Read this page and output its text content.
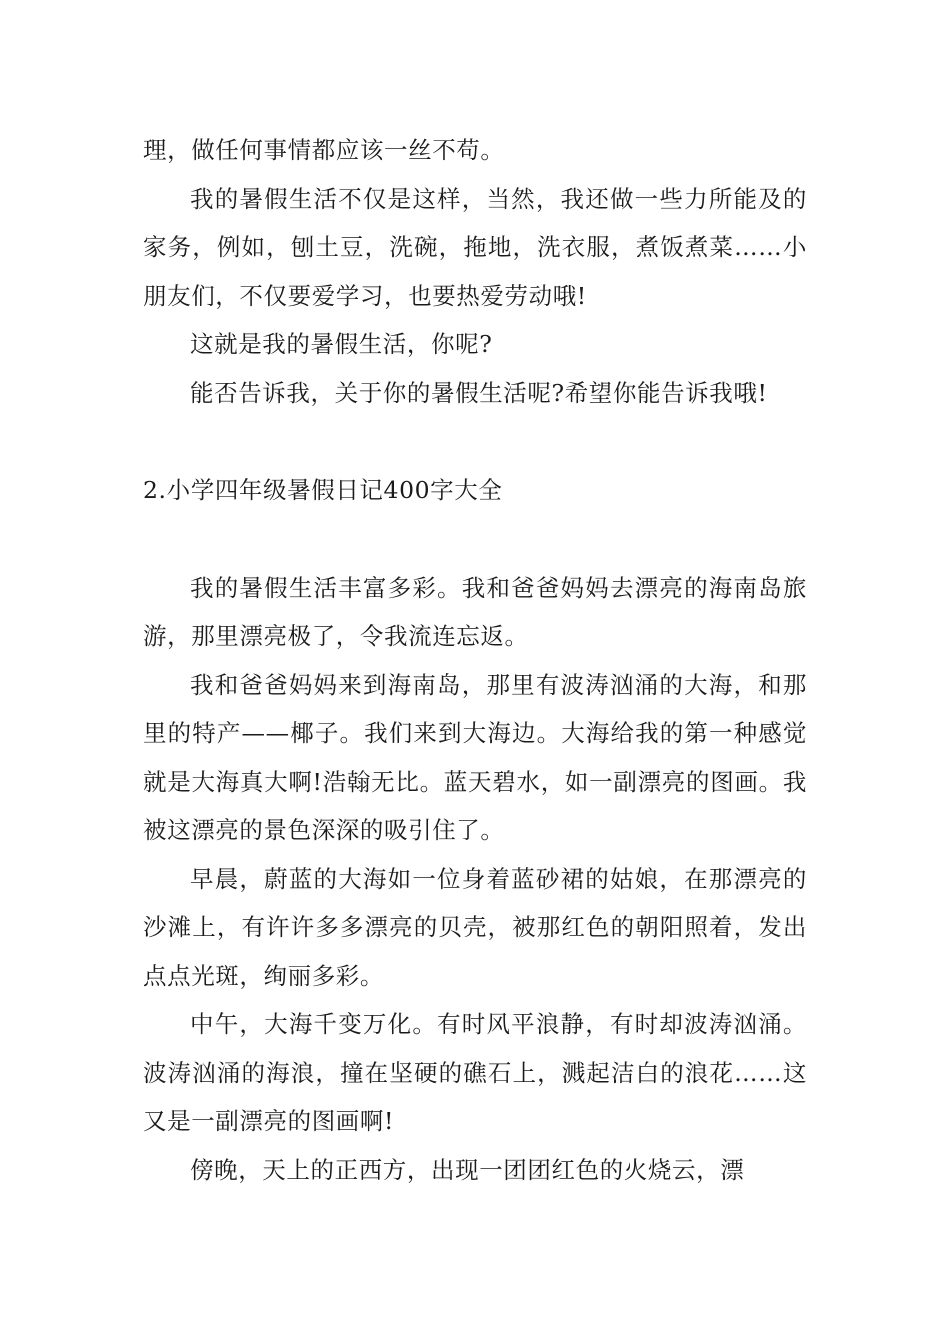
理，做任何事情都应该一丝不苟。

我的暑假生活不仅是这样，当然，我还做一些力所能及的家务，例如，刨土豆，洗碗，拖地，洗衣服，煮饭煮菜……小朋友们，不仅要爱学习，也要热爱劳动哦!

这就是我的暑假生活，你呢?

能否告诉我，关于你的暑假生活呢?希望你能告诉我哦!

2.小学四年级暑假日记400字大全

我的暑假生活丰富多彩。我和爸爸妈妈去漂亮的海南岛旅游，那里漂亮极了，令我流连忘返。

我和爸爸妈妈来到海南岛，那里有波涛汹涌的大海，和那里的特产——椰子。我们来到大海边。大海给我的第一种感觉就是大海真大啊!浩翰无比。蓝天碧水，如一副漂亮的图画。我被这漂亮的景色深深的吸引住了。

早晨，蔚蓝的大海如一位身着蓝砂裙的姑娘，在那漂亮的沙滩上，有许许多多漂亮的贝壳，被那红色的朝阳照着，发出点点光斑，绚丽多彩。

中午，大海千变万化。有时风平浪静，有时却波涛汹涌。波涛汹涌的海浪，撞在坚硬的礁石上，溅起洁白的浪花……这又是一副漂亮的图画啊!

傍晚，天上的正西方，出现一团团红色的火烧云，漂
